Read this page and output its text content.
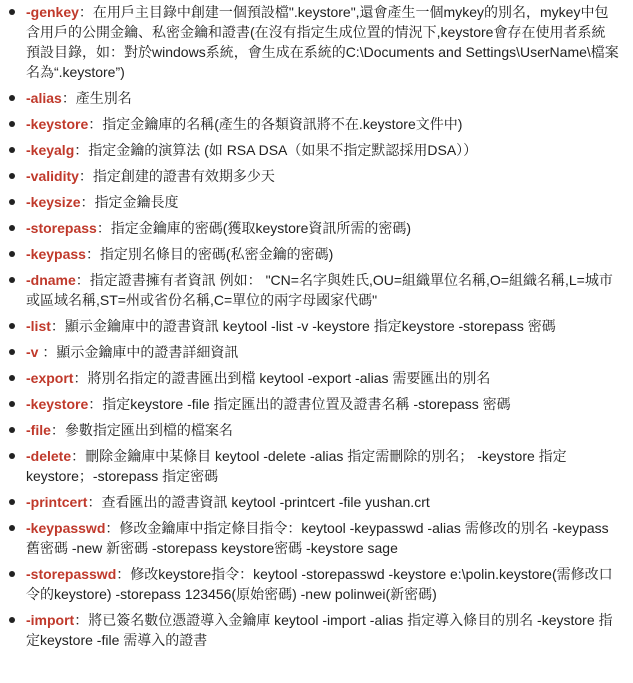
-genkey：在用戶主目錄中創建一個預設檔".keystore",還會產生一個mykey的別名，mykey中包含用戶的公開金鑰、私密金鑰和證書(在沒有指定生成位置的情況下,keystore會存在使用者系統預設目錄，如：對於windows系統，會生成在系統的C:\Documents and Settings\UserName\檔案名為“.keystore”)
-alias：產生別名
-keystore：指定金鑰庫的名稱(產生的各類資訊將不在.keystore文件中)
-keyalg：指定金鑰的演算法 (如 RSA DSA（如果不指定默認採用DSA））
-validity：指定創建的證書有效期多少天
-keysize：指定金鑰長度
-storepass：指定金鑰庫的密碼(獲取keystore資訊所需的密碼)
-keypass：指定別名條目的密碼(私密金鑰的密碼)
-dname：指定證書擁有者資訊 例如： "CN=名字與姓氏,OU=組織單位名稱,O=組織名稱,L=城市或區域名稱,ST=州或省份名稱,C=單位的兩字母國家代碼"
-list：顯示金鑰庫中的證書資訊 keytool -list -v -keystore 指定keystore -storepass 密碼
-v ：顯示金鑰庫中的證書詳細資訊
-export：將別名指定的證書匯出到檔 keytool -export -alias 需要匯出的別名
-keystore：指定keystore -file 指定匯出的證書位置及證書名稱 -storepass 密碼
-file：參數指定匯出到檔的檔案名
-delete：刪除金鑰庫中某條目 keytool -delete -alias 指定需刪除的別名； -keystore 指定keystore；-storepass 指定密碼
-printcert：查看匯出的證書資訊 keytool -printcert -file yushan.crt
-keypasswd：修改金鑰庫中指定條目指令：keytool -keypasswd -alias 需修改的別名 -keypass 舊密碼 -new 新密碼 -storepass keystore密碼 -keystore sage
-storepasswd：修改keystore指令：keytool -storepasswd -keystore e:\polin.keystore(需修改口令的keystore) -storepass 123456(原始密碼) -new polinwei(新密碼)
-import：將已簽名數位憑證導入金鑰庫 keytool -import -alias 指定導入條目的別名 -keystore 指定keystore -file 需導入的證書
